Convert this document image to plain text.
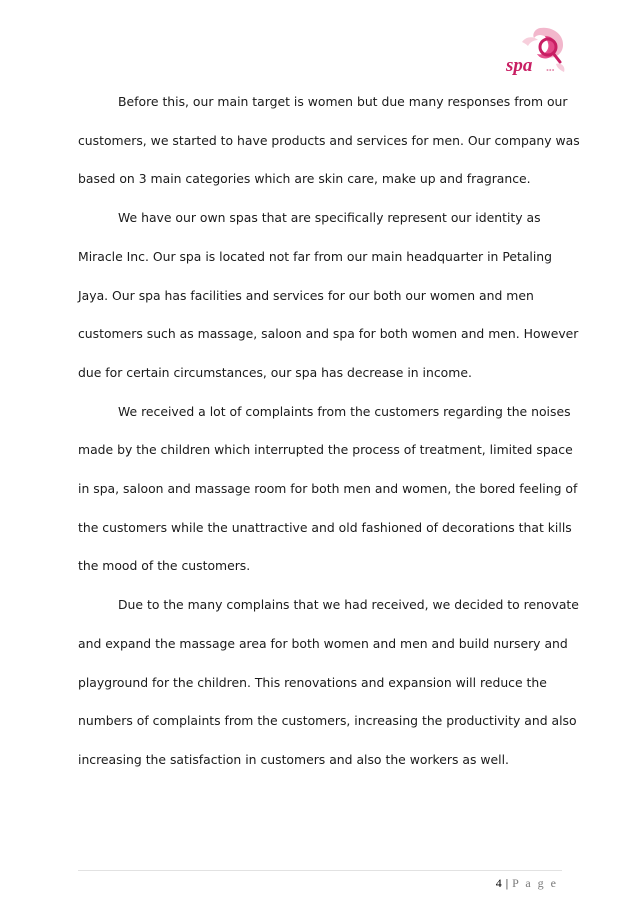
spa •••
Before this, our main target is women but due many responses from our
customers, we started to have products and services for men. Our company was
based on 3 main categories which are skin care, make up and fragrance.
We have our own spas that are specifically represent our identity as
Miracle Inc. Our spa is located not far from our main headquarter in Petaling
Jaya. Our spa has facilities and services for our both our women and men
customers such as massage, saloon and spa for both women and men. However
due for certain circumstances, our spa has decrease in income.
We received a lot of complaints from the customers regarding the noises
made by the children which interrupted the process of treatment, limited space
in spa, saloon and massage room for both men and women, the bored feeling of
the customers while the unattractive and old fashioned of decorations that kills
the mood of the customers.
Due to the many complains that we had received, we decided to renovate
and expand the massage area for both women and men and build nursery and
playground for the children. This renovations and expansion will reduce the
numbers of complaints from the customers, increasing the productivity and also
increasing the satisfaction in customers and also the workers as well.
4 | P a g e
